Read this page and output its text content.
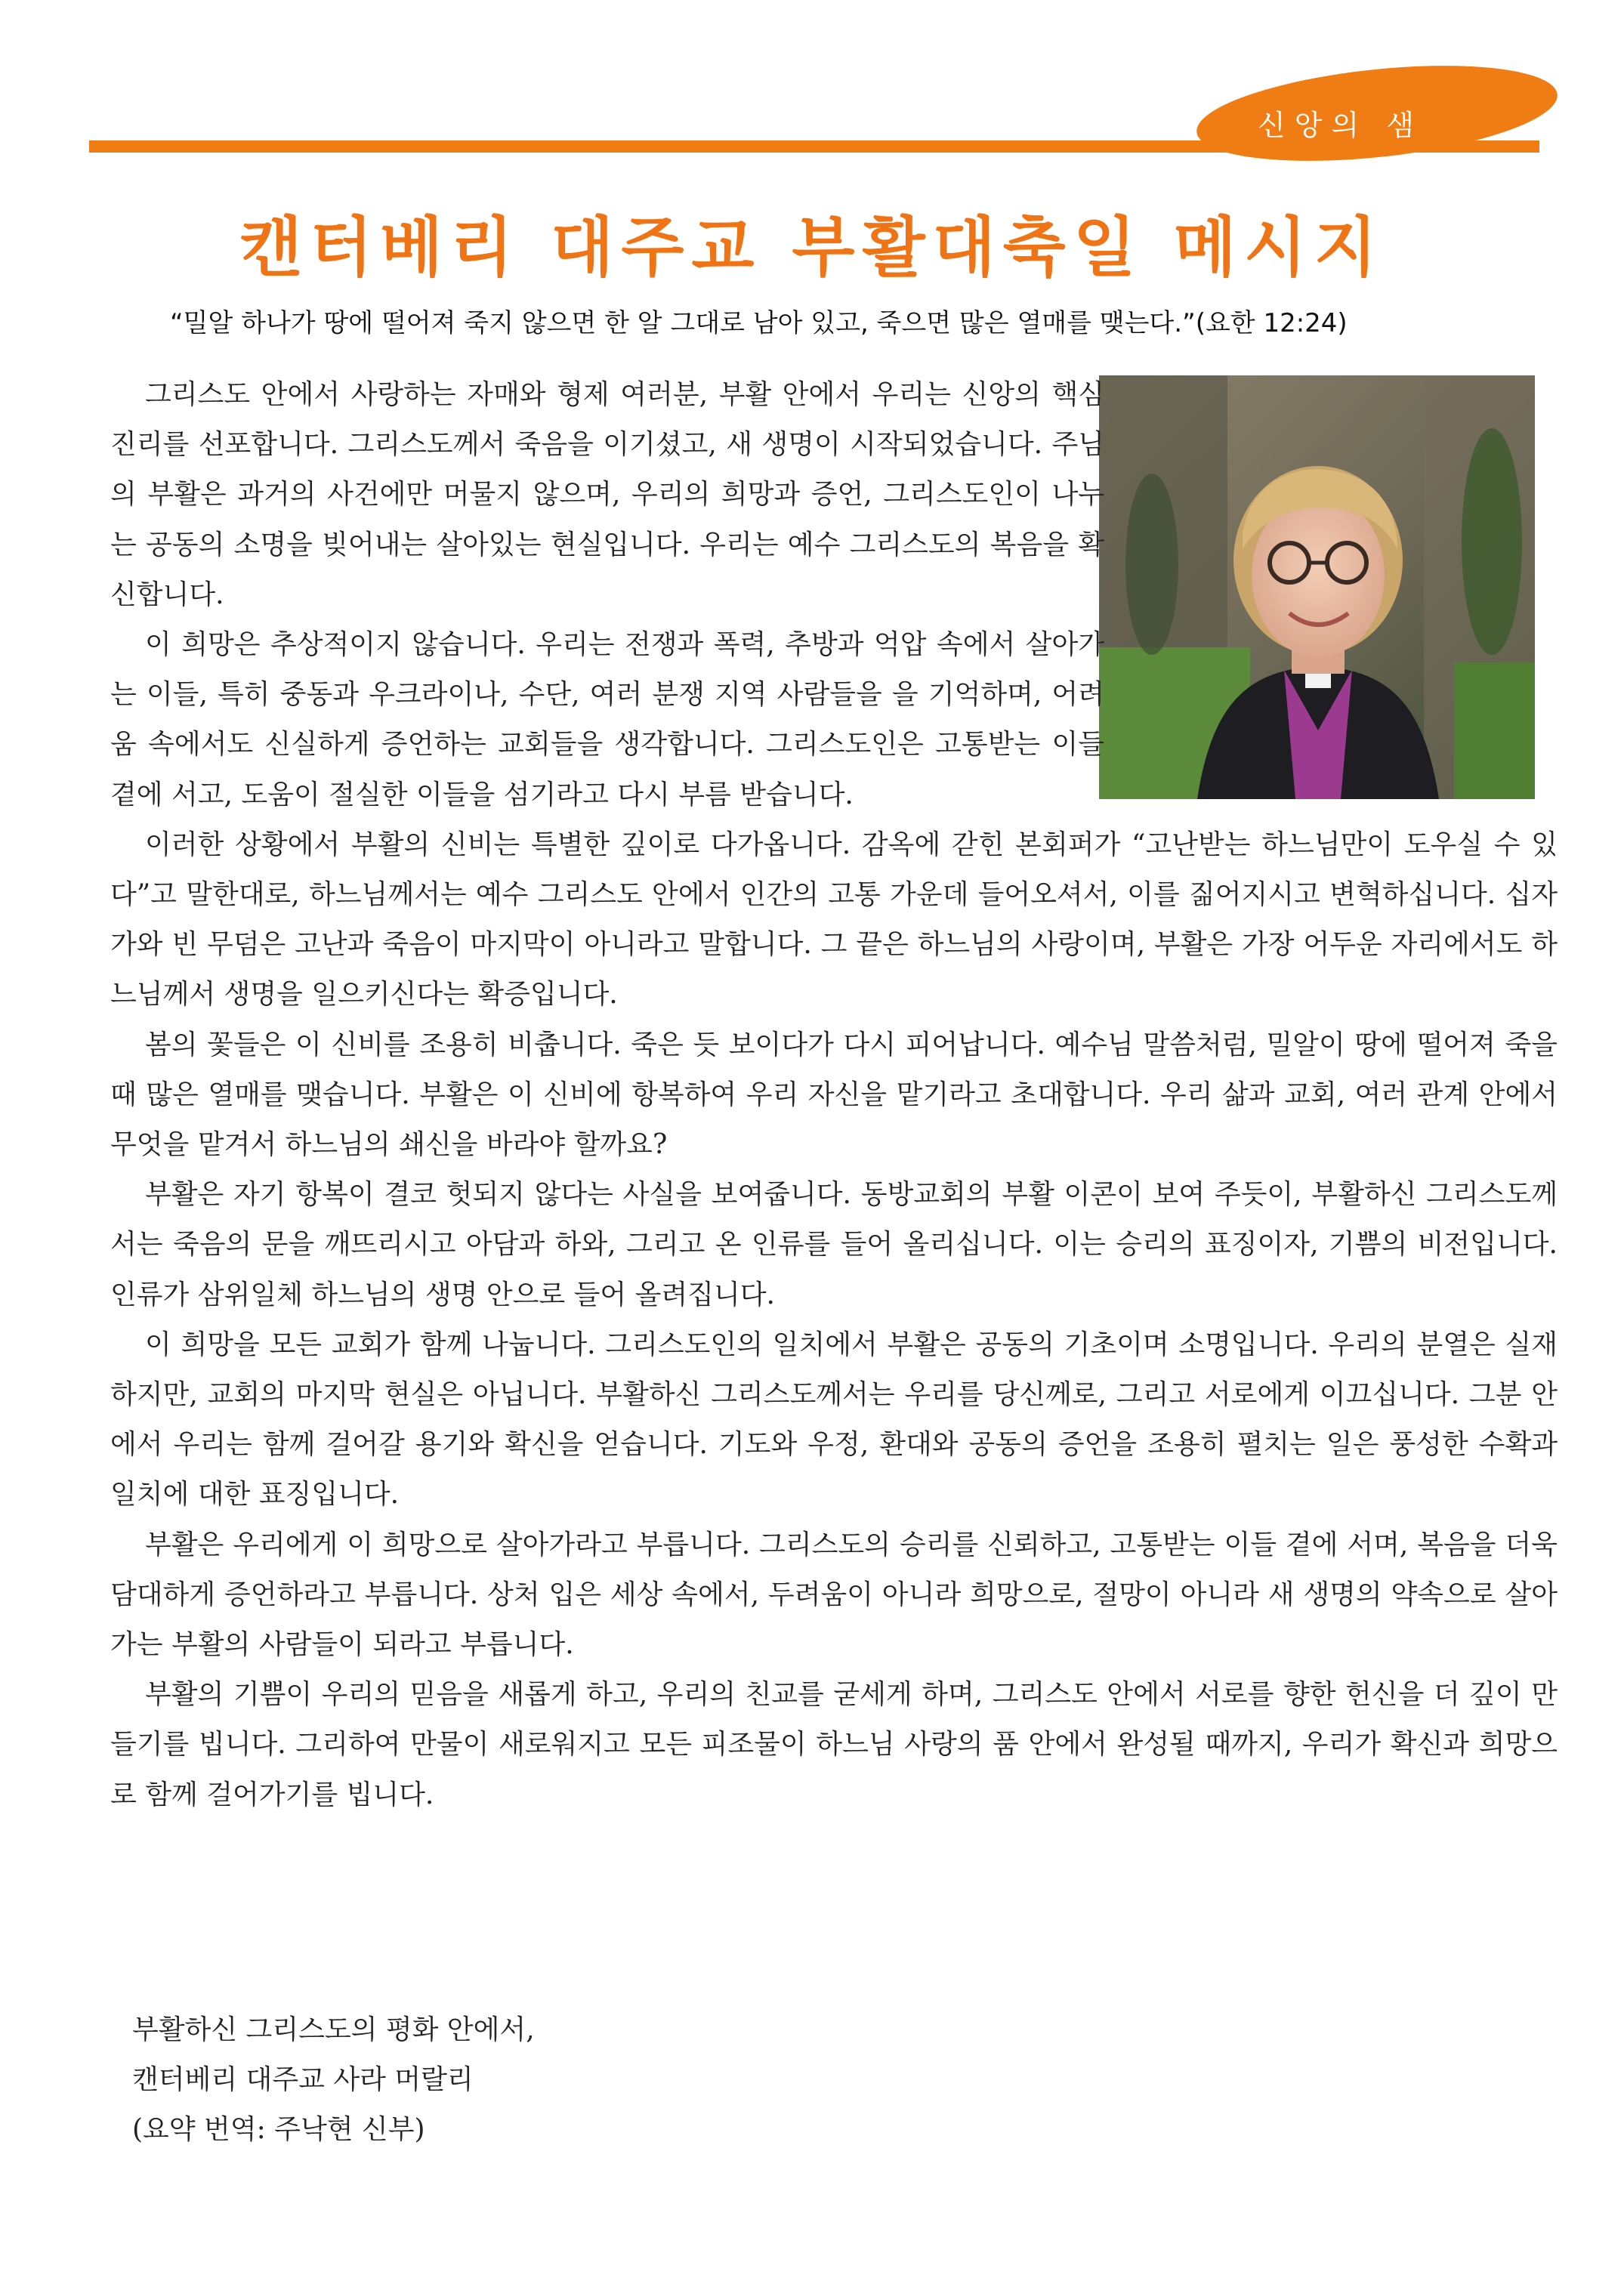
신앙의 샘
캔터베리 대주교 부활대축일 메시지
“밀알 하나가 땅에 떨어져 죽지 않으면 한 알 그대로 남아 있고, 죽으면 많은 열매를 맺는다.”(요한 12:24)

그리스도 안에서 사랑하는 자매와 형제 여러분, 부활 안에서 우리는 신앙의 핵심 진리를 선포합니다. 그리스도께서 죽음을 이기셨고, 새 생명이 시작되었습니다. 주님의 부활은 과거의 사건에만 머물지 않으며, 우리의 희망과 증언, 그리스도인이 나누는 공동의 소명을 빚어내는 살아있는 현실입니다. 우리는 예수 그리스도의 복음을 확신합니다.

이 희망은 추상적이지 않습니다. 우리는 전쟁과 폭력, 추방과 억압 속에서 살아가는 이들, 특히 중동과 우크라이나, 수단, 여러 분쟁 지역 사람들을 을 기억하며, 어려움 속에서도 신실하게 증언하는 교회들을 생각합니다. 그리스도인은 고통받는 이들 곁에 서고, 도움이 절실한 이들을 섬기라고 다시 부름 받습니다.

이러한 상황에서 부활의 신비는 특별한 깊이로 다가옵니다. 감옥에 갇힌 본회퍼가 “고난받는 하느님만이 도우실 수 있다”고 말한대로, 하느님께서는 예수 그리스도 안에서 인간의 고통 가운데 들어오셔서, 이를 짊어지시고 변혁하십니다. 십자가와 빈 무덤은 고난과 죽음이 마지막이 아니라고 말합니다. 그 끝은 하느님의 사랑이며, 부활은 가장 어두운 자리에서도 하느님께서 생명을 일으키신다는 확증입니다.

봄의 꽃들은 이 신비를 조용히 비춥니다. 죽은 듯 보이다가 다시 피어납니다. 예수님 말씀처럼, 밀알이 땅에 떨어져 죽을 때 많은 열매를 맺습니다. 부활은 이 신비에 항복하여 우리 자신을 맡기라고 초대합니다. 우리 삶과 교회, 여러 관계 안에서 무엇을 맡겨서 하느님의 쇄신을 바라야 할까요?

부활은 자기 항복이 결코 헛되지 않다는 사실을 보여줍니다. 동방교회의 부활 이콘이 보여 주듯이, 부활하신 그리스도께서는 죽음의 문을 깨뜨리시고 아담과 하와, 그리고 온 인류를 들어 올리십니다. 이는 승리의 표징이자, 기쁨의 비전입니다. 인류가 삼위일체 하느님의 생명 안으로 들어 올려집니다.

이 희망을 모든 교회가 함께 나눕니다. 그리스도인의 일치에서 부활은 공동의 기초이며 소명입니다. 우리의 분열은 실재하지만, 교회의 마지막 현실은 아닙니다. 부활하신 그리스도께서는 우리를 당신께로, 그리고 서로에게 이끄십니다. 그분 안에서 우리는 함께 걸어갈 용기와 확신을 얻습니다. 기도와 우정, 환대와 공동의 증언을 조용히 펼치는 일은 풍성한 수확과 일치에 대한 표징입니다.

부활은 우리에게 이 희망으로 살아가라고 부릅니다. 그리스도의 승리를 신뢰하고, 고통받는 이들 곁에 서며, 복음을 더욱 담대하게 증언하라고 부릅니다. 상처 입은 세상 속에서, 두려움이 아니라 희망으로, 절망이 아니라 새 생명의 약속으로 살아가는 부활의 사람들이 되라고 부릅니다.

부활의 기쁨이 우리의 믿음을 새롭게 하고, 우리의 친교를 굳세게 하며, 그리스도 안에서 서로를 향한 헌신을 더 깊이 만들기를 빕니다. 그리하여 만물이 새로워지고 모든 피조물이 하느님 사랑의 품 안에서 완성될 때까지, 우리가 확신과 희망으로 함께 걸어가기를 빕니다.

부활하신 그리스도의 평화 안에서,
캔터베리 대주교 사라 머랄리
(요약 번역: 주낙현 신부)
